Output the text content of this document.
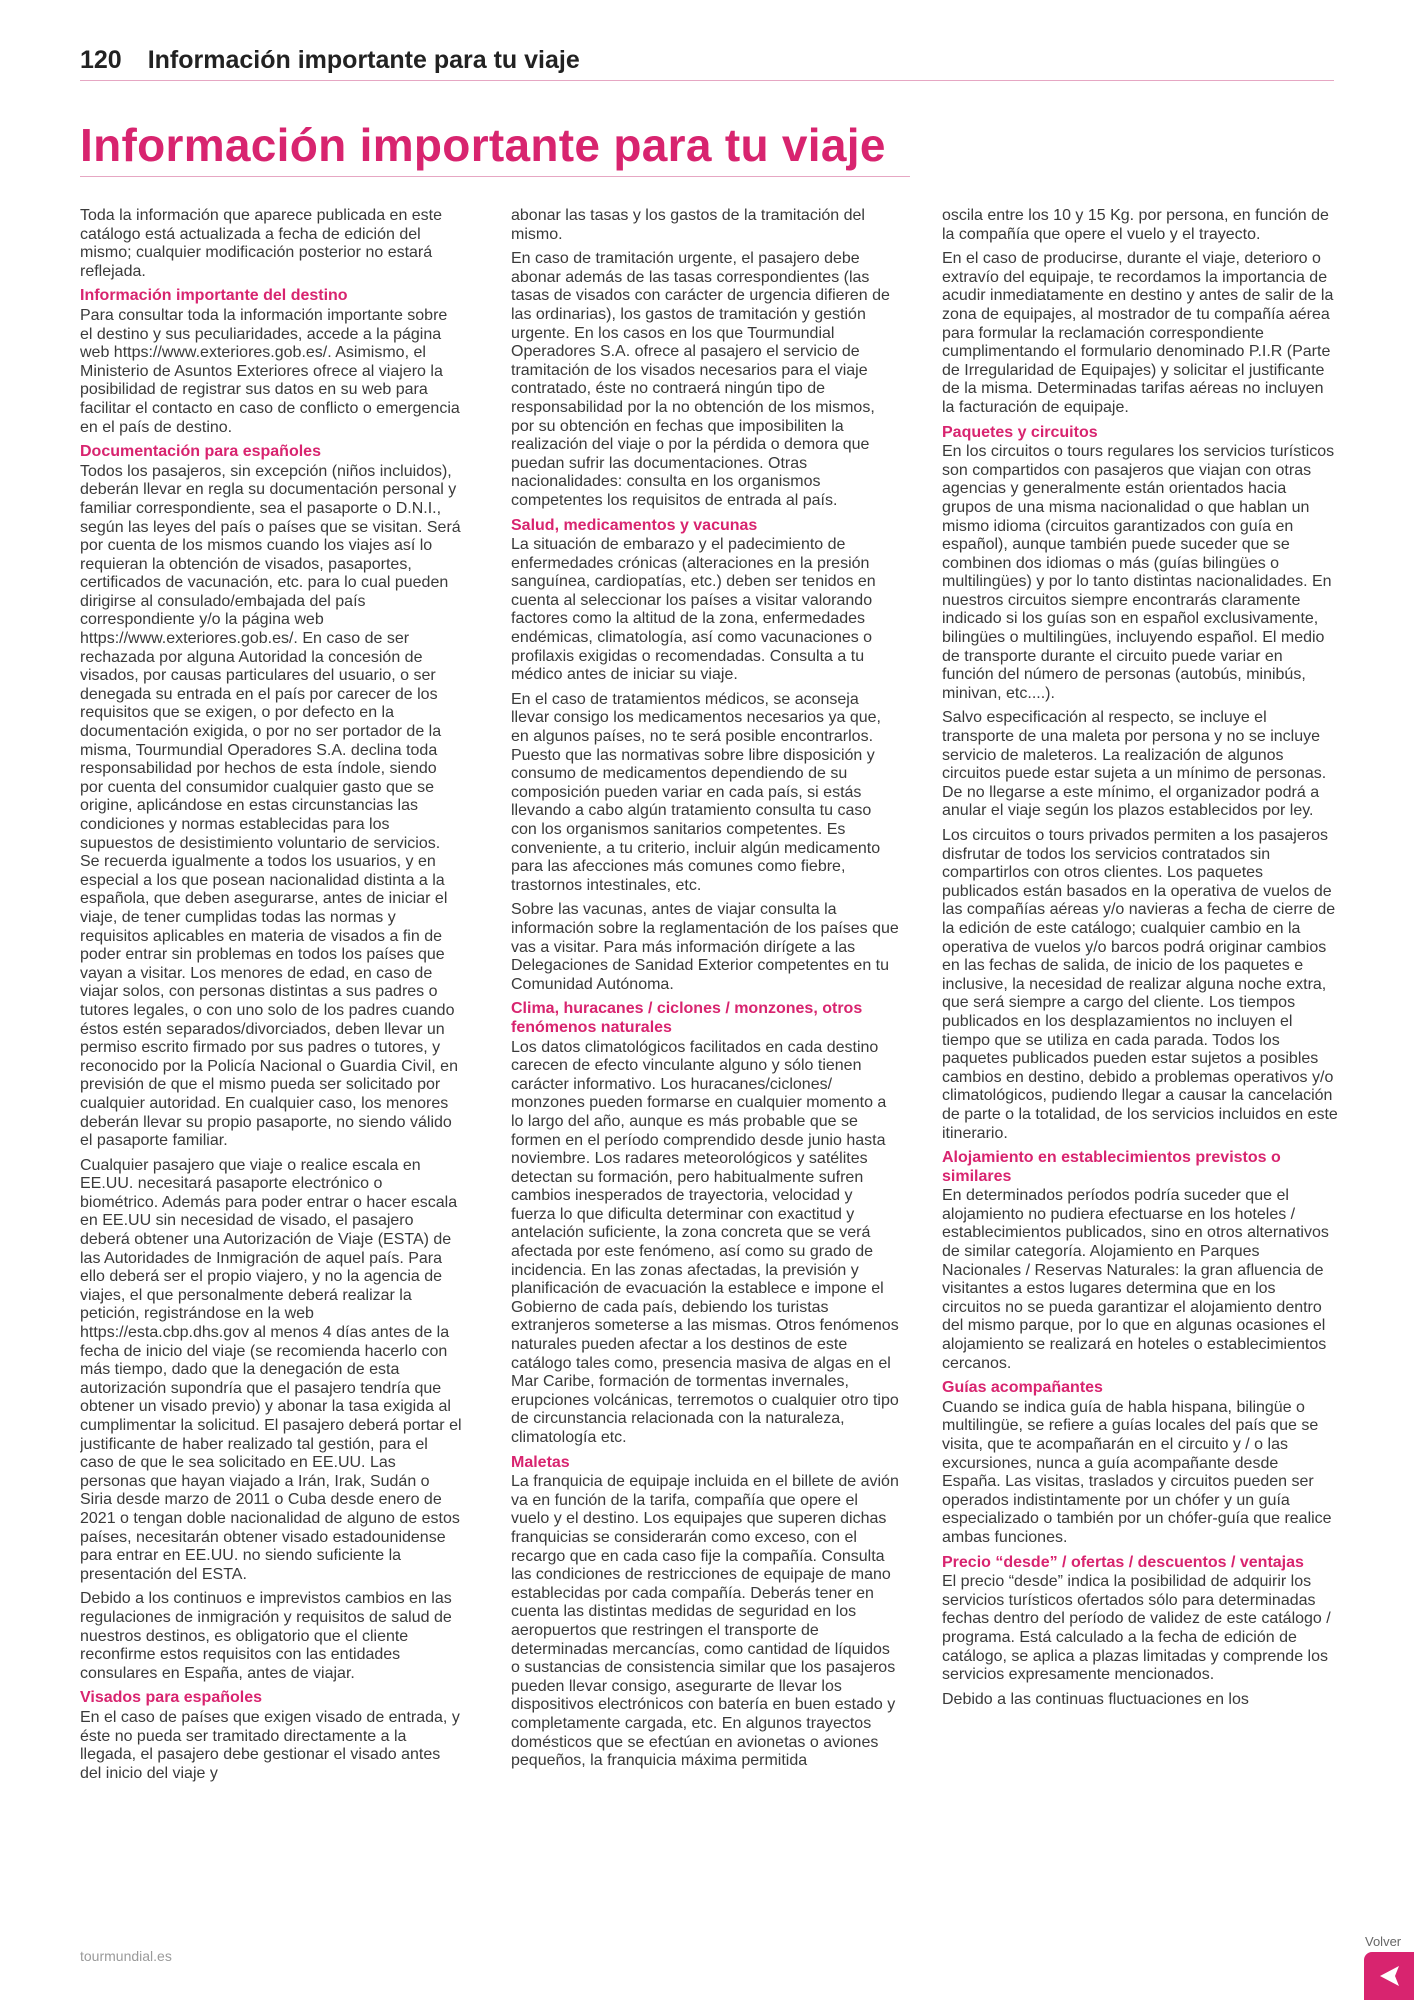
120 Información importante para tu viaje
Información importante para tu viaje

Toda la información que aparece publicada en este catálogo está actualizada a fecha de edición del mismo; cualquier modificación posterior no estará reflejada.

Información importante del destino

Para consultar toda la información importante sobre el destino y sus peculiaridades, accede a la página web https://www.exteriores.gob.es/. Asimismo, el Ministerio de Asuntos Exteriores ofrece al viajero la posibilidad de registrar sus datos en su web para facilitar el contacto en caso de conflicto o emergencia en el país de destino.

Documentación para españoles

Todos los pasajeros, sin excepción (niños incluidos), deberán llevar en regla su documentación personal y familiar correspondiente, sea el pasaporte o D.N.I., según las leyes del país o países que se visitan. Será por cuenta de los mismos cuando los viajes así lo requieran la obtención de visados, pasaportes, certificados de vacunación, etc. para lo cual pueden dirigirse al consulado/embajada del país correspondiente y/o la página web https://www.exteriores.gob.es/. En caso de ser rechazada por alguna Autoridad la concesión de visados, por causas particulares del usuario, o ser denegada su entrada en el país por carecer de los requisitos que se exigen, o por defecto en la documentación exigida, o por no ser portador de la misma, Tourmundial Operadores S.A. declina toda responsabilidad por hechos de esta índole, siendo por cuenta del consumidor cualquier gasto que se origine, aplicándose en estas circunstancias las condiciones y normas establecidas para los supuestos de desistimiento voluntario de servicios. Se recuerda igualmente a todos los usuarios, y en especial a los que posean nacionalidad distinta a la española, que deben asegurarse, antes de iniciar el viaje, de tener cumplidas todas las normas y requisitos aplicables en materia de visados a fin de poder entrar sin problemas en todos los países que vayan a visitar. Los menores de edad, en caso de viajar solos, con personas distintas a sus padres o tutores legales, o con uno solo de los padres cuando éstos estén separados/divorciados, deben llevar un permiso escrito firmado por sus padres o tutores, y reconocido por la Policía Nacional o Guardia Civil, en previsión de que el mismo pueda ser solicitado por cualquier autoridad. En cualquier caso, los menores deberán llevar su propio pasaporte, no siendo válido el pasaporte familiar.

Cualquier pasajero que viaje o realice escala en EE.UU. necesitará pasaporte electrónico o biométrico. Además para poder entrar o hacer escala en EE.UU sin necesidad de visado, el pasajero deberá obtener una Autorización de Viaje (ESTA) de las Autoridades de Inmigración de aquel país. Para ello deberá ser el propio viajero, y no la agencia de viajes, el que personalmente deberá realizar la petición, registrándose en la web https://esta.cbp.dhs.gov al menos 4 días antes de la fecha de inicio del viaje (se recomienda hacerlo con más tiempo, dado que la denegación de esta autorización supondría que el pasajero tendría que obtener un visado previo) y abonar la tasa exigida al cumplimentar la solicitud. El pasajero deberá portar el justificante de haber realizado tal gestión, para el caso de que le sea solicitado en EE.UU. Las personas que hayan viajado a Irán, Irak, Sudán o Siria desde marzo de 2011 o Cuba desde enero de 2021 o tengan doble nacionalidad de alguno de estos países, necesitarán obtener visado estadounidense para entrar en EE.UU. no siendo suficiente la presentación del ESTA.

Debido a los continuos e imprevistos cambios en las regulaciones de inmigración y requisitos de salud de nuestros destinos, es obligatorio que el cliente reconfirme estos requisitos con las entidades consulares en España, antes de viajar.

Visados para españoles

En el caso de países que exigen visado de entrada, y éste no pueda ser tramitado directamente a la llegada, el pasajero debe gestionar el visado antes del inicio del viaje y

abonar las tasas y los gastos de la tramitación del mismo.

En caso de tramitación urgente, el pasajero debe abonar además de las tasas correspondientes (las tasas de visados con carácter de urgencia difieren de las ordinarias), los gastos de tramitación y gestión urgente. En los casos en los que Tourmundial Operadores S.A. ofrece al pasajero el servicio de tramitación de los visados necesarios para el viaje contratado, éste no contraerá ningún tipo de responsabilidad por la no obtención de los mismos, por su obtención en fechas que imposibiliten la realización del viaje o por la pérdida o demora que puedan sufrir las documentaciones. Otras nacionalidades: consulta en los organismos competentes los requisitos de entrada al país.

Salud, medicamentos y vacunas

La situación de embarazo y el padecimiento de enfermedades crónicas (alteraciones en la presión sanguínea, cardiopatías, etc.) deben ser tenidos en cuenta al seleccionar los países a visitar valorando factores como la altitud de la zona, enfermedades endémicas, climatología, así como vacunaciones o profilaxis exigidas o recomendadas. Consulta a tu médico antes de iniciar su viaje.

En el caso de tratamientos médicos, se aconseja llevar consigo los medicamentos necesarios ya que, en algunos países, no te será posible encontrarlos. Puesto que las normativas sobre libre disposición y consumo de medicamentos dependiendo de su composición pueden variar en cada país, si estás llevando a cabo algún tratamiento consulta tu caso con los organismos sanitarios competentes. Es conveniente, a tu criterio, incluir algún medicamento para las afecciones más comunes como fiebre, trastornos intestinales, etc.

Sobre las vacunas, antes de viajar consulta la información sobre la reglamentación de los países que vas a visitar. Para más información dirígete a las Delegaciones de Sanidad Exterior competentes en tu Comunidad Autónoma.

Clima, huracanes / ciclones / monzones, otros fenómenos naturales

Los datos climatológicos facilitados en cada destino carecen de efecto vinculante alguno y sólo tienen carácter informativo. Los huracanes/ciclones/ monzones pueden formarse en cualquier momento a lo largo del año, aunque es más probable que se formen en el período comprendido desde junio hasta noviembre. Los radares meteorológicos y satélites detectan su formación, pero habitualmente sufren cambios inesperados de trayectoria, velocidad y fuerza lo que dificulta determinar con exactitud y antelación suficiente, la zona concreta que se verá afectada por este fenómeno, así como su grado de incidencia. En las zonas afectadas, la previsión y planificación de evacuación la establece e impone el Gobierno de cada país, debiendo los turistas extranjeros someterse a las mismas. Otros fenómenos naturales pueden afectar a los destinos de este catálogo tales como, presencia masiva de algas en el Mar Caribe, formación de tormentas invernales, erupciones volcánicas, terremotos o cualquier otro tipo de circunstancia relacionada con la naturaleza, climatología etc.

Maletas

La franquicia de equipaje incluida en el billete de avión va en función de la tarifa, compañía que opere el vuelo y el destino. Los equipajes que superen dichas franquicias se considerarán como exceso, con el recargo que en cada caso fije la compañía. Consulta las condiciones de restricciones de equipaje de mano establecidas por cada compañía. Deberás tener en cuenta las distintas medidas de seguridad en los aeropuertos que restringen el transporte de determinadas mercancías, como cantidad de líquidos o sustancias de consistencia similar que los pasajeros pueden llevar consigo, asegurarte de llevar los dispositivos electrónicos con batería en buen estado y completamente cargada, etc. En algunos trayectos domésticos que se efectúan en avionetas o aviones pequeños, la franquicia máxima permitida

oscila entre los 10 y 15 Kg. por persona, en función de la compañía que opere el vuelo y el trayecto.

En el caso de producirse, durante el viaje, deterioro o extravío del equipaje, te recordamos la importancia de acudir inmediatamente en destino y antes de salir de la zona de equipajes, al mostrador de tu compañía aérea para formular la reclamación correspondiente cumplimentando el formulario denominado P.I.R (Parte de Irregularidad de Equipajes) y solicitar el justificante de la misma. Determinadas tarifas aéreas no incluyen la facturación de equipaje.

Paquetes y circuitos

En los circuitos o tours regulares los servicios turísticos son compartidos con pasajeros que viajan con otras agencias y generalmente están orientados hacia grupos de una misma nacionalidad o que hablan un mismo idioma (circuitos garantizados con guía en español), aunque también puede suceder que se combinen dos idiomas o más (guías bilingües o multilingües) y por lo tanto distintas nacionalidades. En nuestros circuitos siempre encontrarás claramente indicado si los guías son en español exclusivamente, bilingües o multilingües, incluyendo español. El medio de transporte durante el circuito puede variar en función del número de personas (autobús, minibús, minivan, etc....).

Salvo especificación al respecto, se incluye el transporte de una maleta por persona y no se incluye servicio de maleteros. La realización de algunos circuitos puede estar sujeta a un mínimo de personas. De no llegarse a este mínimo, el organizador podrá a anular el viaje según los plazos establecidos por ley.

Los circuitos o tours privados permiten a los pasajeros disfrutar de todos los servicios contratados sin compartirlos con otros clientes. Los paquetes publicados están basados en la operativa de vuelos de las compañías aéreas y/o navieras a fecha de cierre de la edición de este catálogo; cualquier cambio en la operativa de vuelos y/o barcos podrá originar cambios en las fechas de salida, de inicio de los paquetes e inclusive, la necesidad de realizar alguna noche extra, que será siempre a cargo del cliente. Los tiempos publicados en los desplazamientos no incluyen el tiempo que se utiliza en cada parada. Todos los paquetes publicados pueden estar sujetos a posibles cambios en destino, debido a problemas operativos y/o climatológicos, pudiendo llegar a causar la cancelación de parte o la totalidad, de los servicios incluidos en este itinerario.

Alojamiento en establecimientos previstos o similares

En determinados períodos podría suceder que el alojamiento no pudiera efectuarse en los hoteles / establecimientos publicados, sino en otros alternativos de similar categoría. Alojamiento en Parques Nacionales / Reservas Naturales: la gran afluencia de visitantes a estos lugares determina que en los circuitos no se pueda garantizar el alojamiento dentro del mismo parque, por lo que en algunas ocasiones el alojamiento se realizará en hoteles o establecimientos cercanos.

Guías acompañantes

Cuando se indica guía de habla hispana, bilingüe o multilingüe, se refiere a guías locales del país que se visita, que te acompañarán en el circuito y / o las excursiones, nunca a guía acompañante desde España. Las visitas, traslados y circuitos pueden ser operados indistintamente por un chófer y un guía especializado o también por un chófer-guía que realice ambas funciones.

Precio “desde” / ofertas / descuentos / ventajas

El precio “desde” indica la posibilidad de adquirir los servicios turísticos ofertados sólo para determinadas fechas dentro del período de validez de este catálogo / programa. Está calculado a la fecha de edición de catálogo, se aplica a plazas limitadas y comprende los servicios expresamente mencionados.

Debido a las continuas fluctuaciones en los

tourmundial.es
Volver
